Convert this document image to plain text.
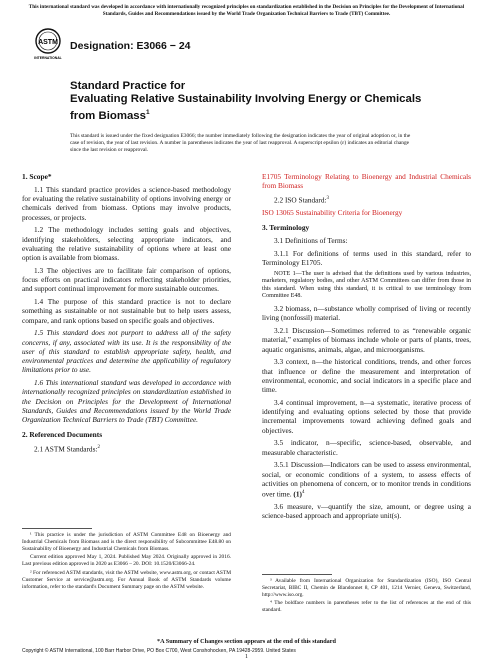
This international standard was developed in accordance with internationally recognized principles on standardization established in the Decision on Principles for the Development of International Standards, Guides and Recommendations issued by the World Trade Organization Technical Barriers to Trade (TBT) Committee.
ASTM
INTERNATIONAL
Designation: E3066 − 24
Standard Practice for
Evaluating Relative Sustainability Involving Energy or Chemicals from Biomass$^1$
This standard is issued under the fixed designation E3066; the number immediately following the designation indicates the year of original adoption or, in the case of revision, the year of last revision. A number in parentheses indicates the year of last reapproval. A superscript epsilon (ε) indicates an editorial change since the last revision or reapproval.

1. Scope*

1.1 This standard practice provides a science-based methodology for evaluating the relative sustainability of options involving energy or chemicals derived from biomass. Options may involve products, processes, or projects.

1.2 The methodology includes setting goals and objectives, identifying stakeholders, selecting appropriate indicators, and evaluating the relative sustainability of options where at least one option is available from biomass.

1.3 The objectives are to facilitate fair comparison of options, focus efforts on practical indicators reflecting stakeholder priorities, and support continual improvement for more sustainable outcomes.

1.4 The purpose of this standard practice is not to declare something as sustainable or not sustainable but to help users assess, compare, and rank options based on specific goals and objectives.

1.5 This standard does not purport to address all of the safety concerns, if any, associated with its use. It is the responsibility of the user of this standard to establish appropriate safety, health, and environmental practices and determine the applicability of regulatory limitations prior to use.

1.6 This international standard was developed in accordance with internationally recognized principles on standardization established in the Decision on Principles for the Development of International Standards, Guides and Recommendations issued by the World Trade Organization Technical Barriers to Trade (TBT) Committee.

2. Referenced Documents

2.1 ASTM Standards:$^2$

¹ This practice is under the jurisdiction of ASTM Committee E48 on Bioenergy and Industrial Chemicals from Biomass and is the direct responsibility of Subcommittee E48.80 on Sustainability of Bioenergy and Industrial Chemicals from Biomass.

Current edition approved May 1, 2024. Published May 2024. Originally approved in 2016. Last previous edition approved in 2020 as E3066 – 20. DOI: 10.1520/E3066-24.

² For referenced ASTM standards, visit the ASTM website, www.astm.org, or contact ASTM Customer Service at service@astm.org. For Annual Book of ASTM Standards volume information, refer to the standard's Document Summary page on the ASTM website.

E1705 Terminology Relating to Bioenergy and Industrial Chemicals from Biomass

2.2 ISO Standard:$^3$

ISO 13065 Sustainability Criteria for Bioenergy

3. Terminology

3.1 Definitions of Terms:

3.1.1 For definitions of terms used in this standard, refer to Terminology E1705.

NOTE 1—The user is advised that the definitions used by various industries, marketers, regulatory bodies, and other ASTM Committees can differ from those in this standard. When using this standard, it is critical to use terminology from Committee E48.

3.2 biomass, n—substance wholly comprised of living or recently living (nonfossil) material.

3.2.1 Discussion—Sometimes referred to as “renewable organic material,” examples of biomass include whole or parts of plants, trees, aquatic organisms, animals, algae, and microorganisms.

3.3 context, n—the historical conditions, trends, and other forces that influence or define the measurement and interpretation of environmental, economic, and social indicators in a specific place and time.

3.4 continual improvement, n—a systematic, iterative process of identifying and evaluating options selected by those that provide incremental improvements toward achieving defined goals and objectives.

3.5 indicator, n—specific, science-based, observable, and measurable characteristic.

3.5.1 Discussion—Indicators can be used to assess environmental, social, or economic conditions of a system, to assess effects of activities on phenomena of concern, or to monitor trends in conditions over time. $(1)^4$

3.6 measure, v—quantify the size, amount, or degree using a science-based approach and appropriate unit(s).

³ Available from International Organization for Standardization (ISO), ISO Central Secretariat, BIBC II, Chemin de Blandonnet 8, CP 401, 1214 Vernier, Geneva, Switzerland, http://www.iso.org.

⁴ The boldface numbers in parentheses refer to the list of references at the end of this standard.

*A Summary of Changes section appears at the end of this standard
Copyright © ASTM International, 100 Barr Harbor Drive, PO Box C700, West Conshohocken, PA 19428-2959. United States
1
